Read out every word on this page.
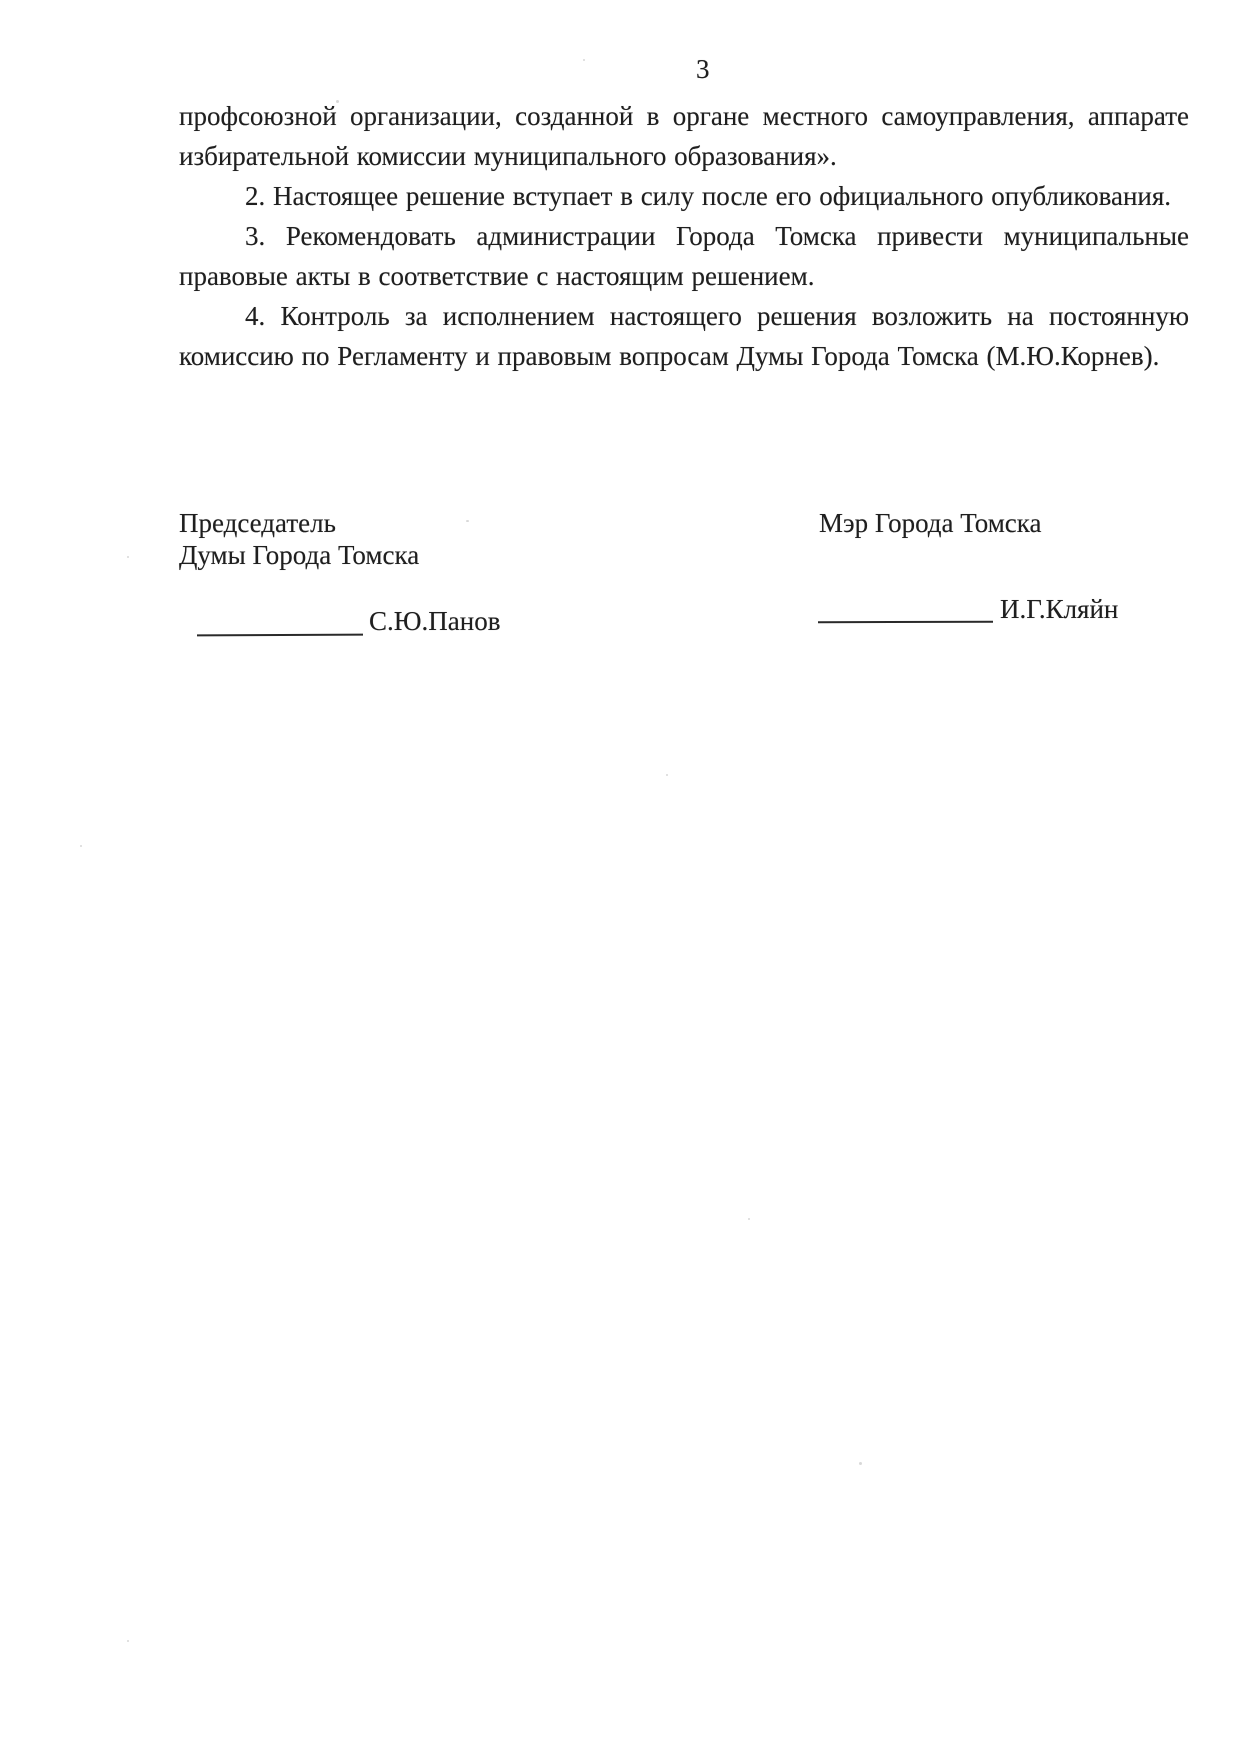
3

профсоюзной организации, созданной в органе местного самоуправления, аппарате избирательной комиссии муниципального образования».

2. Настоящее решение вступает в силу после его официального опубликования.

3. Рекомендовать администрации Города Томска привести муниципальные правовые акты в соответствие с настоящим решением.

4. Контроль за исполнением настоящего решения возложить на постоянную комиссию по Регламенту и правовым вопросам Думы Города Томска (М.Ю.Корнев).

Председатель
Думы Города Томска
Мэр Города Томска
С.Ю.Панов	И.Г.Кляйн
